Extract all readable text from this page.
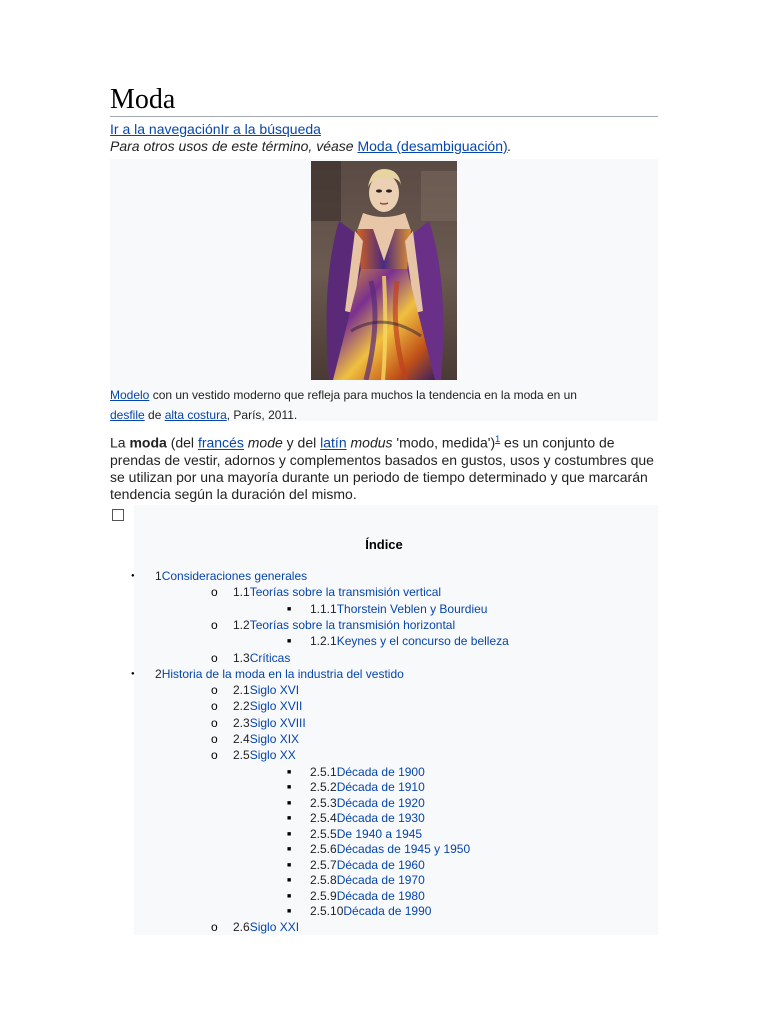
Moda
Ir a la navegaciónIr a la búsqueda
Para otros usos de este término, véase Moda (desambiguación).
Modelo con un vestido moderno que refleja para muchos la tendencia en la moda en un desfile de alta costura, París, 2011.

La moda (del francés mode y del latín modus 'modo, medida')$^1$ es un conjunto de prendas de vestir, adornos y complementos basados en gustos, usos y costumbres que se utilizan por una mayoría durante un periodo de tiempo determinado y que marcarán tendencia según la duración del mismo.

Índice
● 1Consideraciones generales
o 1.1Teorías sobre la transmisión vertical
■ 1.1.1Thorstein Veblen y Bourdieu
o 1.2Teorías sobre la transmisión horizontal
■ 1.2.1Keynes y el concurso de belleza
o 1.3Críticas
● 2Historia de la moda en la industria del vestido
o 2.1Siglo XVI
o 2.2Siglo XVII
o 2.3Siglo XVIII
o 2.4Siglo XIX
o 2.5Siglo XX
■ 2.5.1Década de 1900
■ 2.5.2Década de 1910
■ 2.5.3Década de 1920
■ 2.5.4Década de 1930
■ 2.5.5De 1940 a 1945
■ 2.5.6Décadas de 1945 y 1950
■ 2.5.7Década de 1960
■ 2.5.8Década de 1970
■ 2.5.9Década de 1980
■ 2.5.10Década de 1990
o 2.6Siglo XXI
